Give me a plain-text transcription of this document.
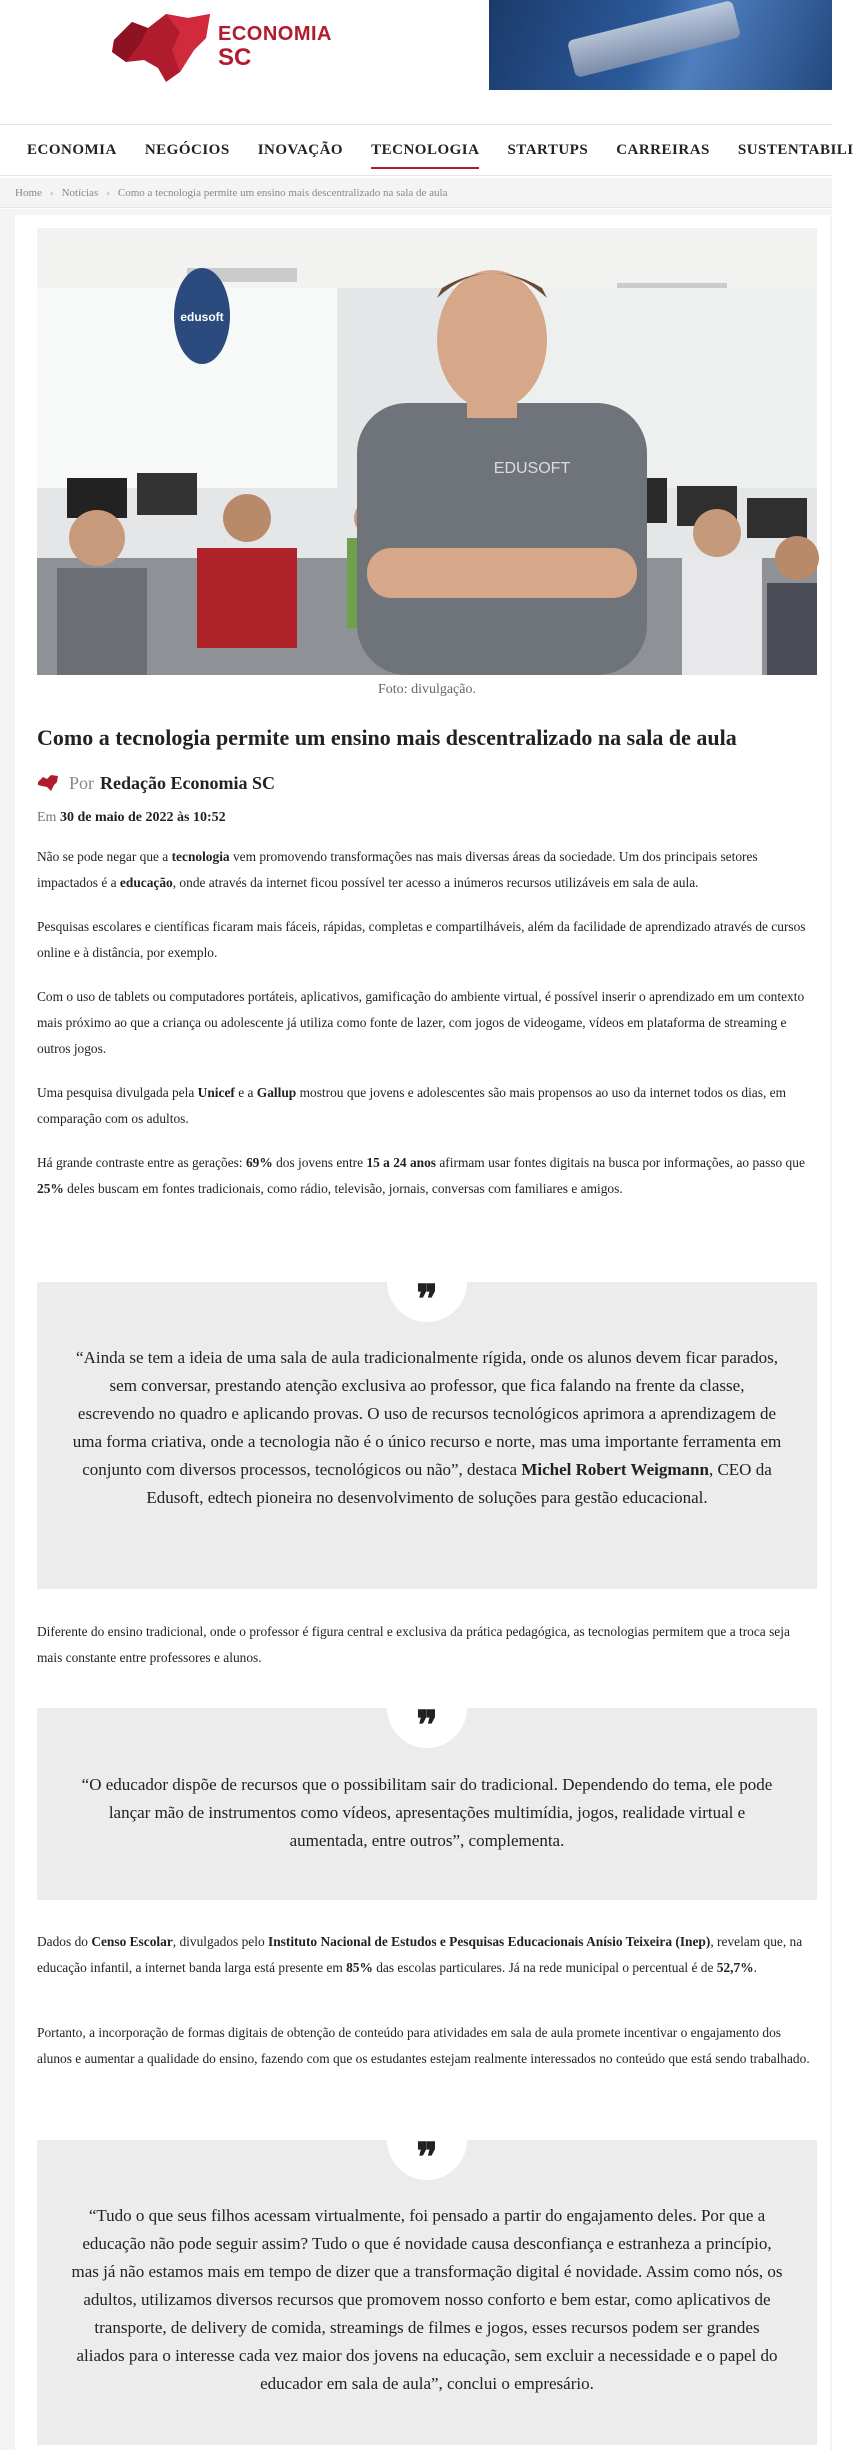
ECONOMIA
SC
ECONOMIA NEGÓCIOS INOVAÇÃO TECNOLOGIA STARTUPS CARREIRAS SUSTENTABILI
Home › Notícias › Como a tecnologia permite um ensino mais descentralizado na sala de aula
edusoft
EDUSOFT
Foto: divulgação.
Como a tecnologia permite um ensino mais descentralizado na sala de aula
Por Redação Economia SC
Em 30 de maio de 2022 às 10:52

Não se pode negar que a tecnologia vem promovendo transformações nas mais diversas áreas da sociedade. Um dos principais setores impactados é a educação, onde através da internet ficou possível ter acesso a inúmeros recursos utilizáveis em sala de aula.

Pesquisas escolares e científicas ficaram mais fáceis, rápidas, completas e compartilháveis, além da facilidade de aprendizado através de cursos online e à distância, por exemplo.

Com o uso de tablets ou computadores portáteis, aplicativos, gamificação do ambiente virtual, é possível inserir o aprendizado em um contexto mais próximo ao que a criança ou adolescente já utiliza como fonte de lazer, com jogos de videogame, vídeos em plataforma de streaming e outros jogos.

Uma pesquisa divulgada pela Unicef e a Gallup mostrou que jovens e adolescentes são mais propensos ao uso da internet todos os dias, em comparação com os adultos.

Há grande contraste entre as gerações: 69% dos jovens entre 15 a 24 anos afirmam usar fontes digitais na busca por informações, ao passo que 25% deles buscam em fontes tradicionais, como rádio, televisão, jornais, conversas com familiares e amigos.

❞
“Ainda se tem a ideia de uma sala de aula tradicionalmente rígida, onde os alunos devem ficar parados, sem conversar, prestando atenção exclusiva ao professor, que fica falando na frente da classe, escrevendo no quadro e aplicando provas. O uso de recursos tecnológicos aprimora a aprendizagem de uma forma criativa, onde a tecnologia não é o único recurso e norte, mas uma importante ferramenta em conjunto com diversos processos, tecnológicos ou não”, destaca Michel Robert Weigmann, CEO da Edusoft, edtech pioneira no desenvolvimento de soluções para gestão educacional.
Diferente do ensino tradicional, onde o professor é figura central e exclusiva da prática pedagógica, as tecnologias permitem que a troca seja mais constante entre professores e alunos.
❞
“O educador dispõe de recursos que o possibilitam sair do tradicional. Dependendo do tema, ele pode lançar mão de instrumentos como vídeos, apresentações multimídia, jogos, realidade virtual e aumentada, entre outros”, complementa.
Dados do Censo Escolar, divulgados pelo Instituto Nacional de Estudos e Pesquisas Educacionais Anísio Teixeira (Inep), revelam que, na educação infantil, a internet banda larga está presente em 85% das escolas particulares. Já na rede municipal o percentual é de 52,7%.
Portanto, a incorporação de formas digitais de obtenção de conteúdo para atividades em sala de aula promete incentivar o engajamento dos alunos e aumentar a qualidade do ensino, fazendo com que os estudantes estejam realmente interessados no conteúdo que está sendo trabalhado.
❞
“Tudo o que seus filhos acessam virtualmente, foi pensado a partir do engajamento deles. Por que a educação não pode seguir assim? Tudo o que é novidade causa desconfiança e estranheza a princípio, mas já não estamos mais em tempo de dizer que a transformação digital é novidade. Assim como nós, os adultos, utilizamos diversos recursos que promovem nosso conforto e bem estar, como aplicativos de transporte, de delivery de comida, streamings de filmes e jogos, esses recursos podem ser grandes aliados para o interesse cada vez maior dos jovens na educação, sem excluir a necessidade e o papel do educador em sala de aula”, conclui o empresário.
